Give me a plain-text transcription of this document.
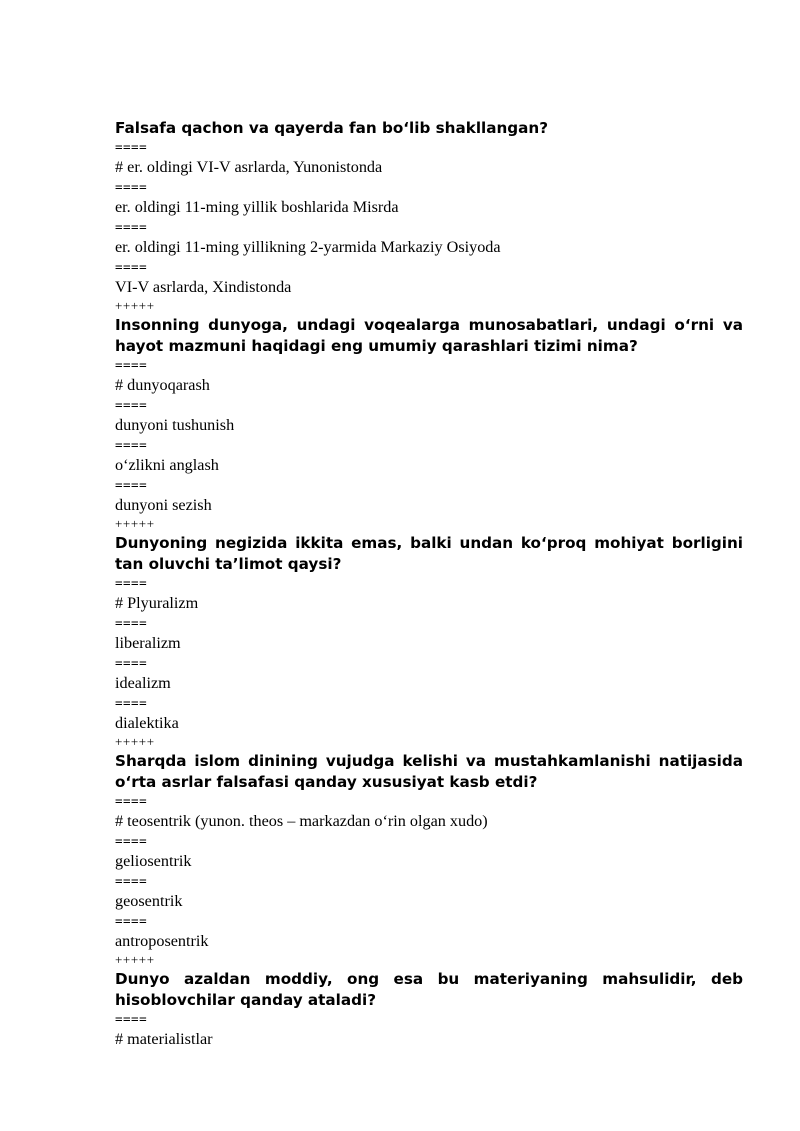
Falsafa qachon va qayerda fan bo‘lib shakllangan?

====

# er. oldingi VI-V asrlarda, Yunonistonda

====

er. oldingi 11-ming yillik boshlarida Misrda

====

er. oldingi 11-ming yillikning 2-yarmida Markaziy Osiyoda

====

VI-V asrlarda, Xindistonda

+++++

Insonning dunyoga, undagi voqealarga munosabatlari, undagi o‘rni va hayot mazmuni haqidagi eng umumiy qarashlari tizimi nima?

====

# dunyoqarash

====

dunyoni tushunish

====

o‘zlikni anglash

====

dunyoni sezish

+++++

Dunyoning negizida ikkita emas, balki undan ko‘proq mohiyat borligini tan oluvchi ta’limot qaysi?

====

# Plyuralizm

====

liberalizm

====

idealizm

====

dialektika

+++++

Sharqda islom dinining vujudga kelishi va mustahkamlanishi natijasida o‘rta asrlar falsafasi qanday xususiyat kasb etdi?

====

# teosentrik (yunon. theos – markazdan o‘rin olgan xudo)

====

geliosentrik

====

geosentrik

====

antroposentrik

+++++

Dunyo azaldan moddiy, ong esa bu materiyaning mahsulidir, deb hisoblovchilar qanday ataladi?

====

# materialistlar
